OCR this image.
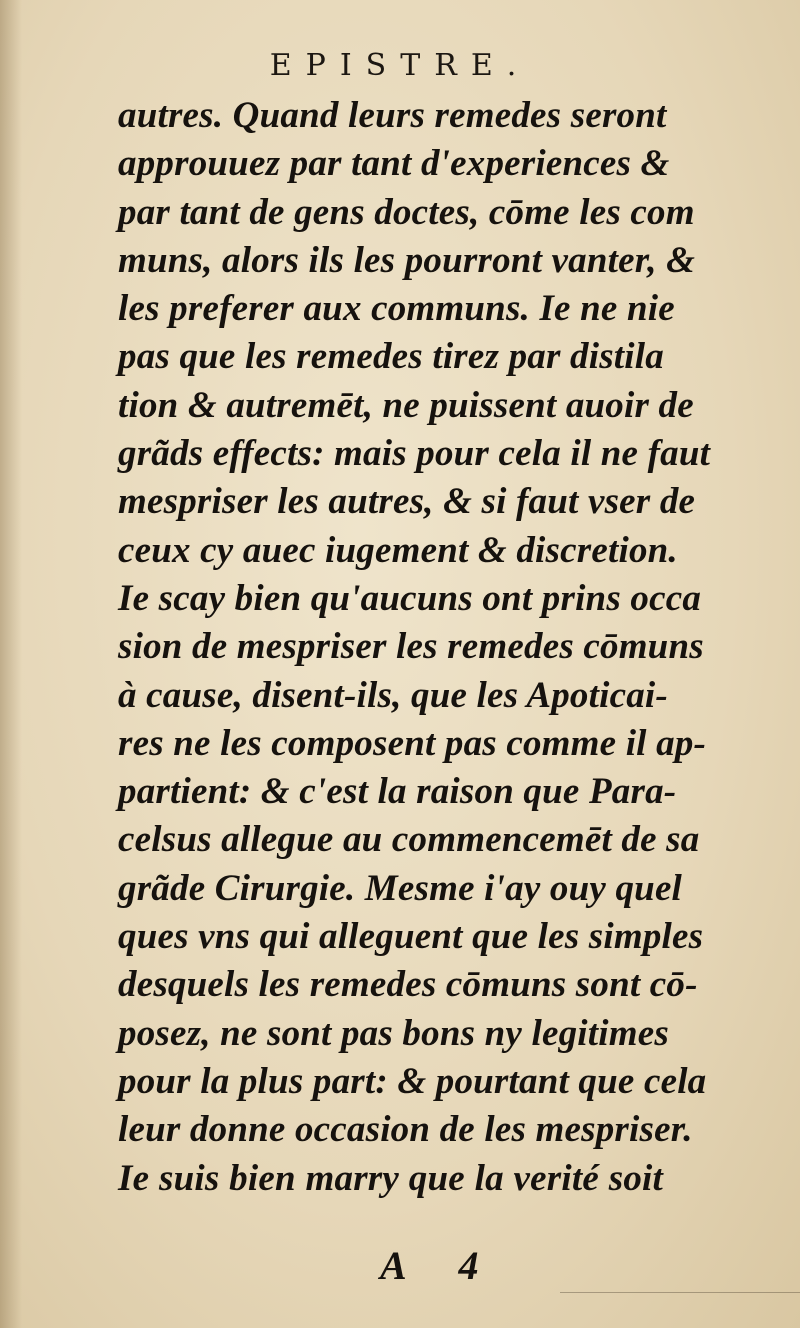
EPISTRE.
autres. Quand leurs remedes seront
approuuez par tant d'experiences &
par tant de gens doctes, cōme les com
muns, alors ils les pourront vanter, &
les preferer aux communs. Ie ne nie
pas que les remedes tirez par distila
tion & autremēt, ne puissent auoir de
grãds effects: mais pour cela il ne faut
mespriser les autres, & si faut vser de
ceux cy auec iugement & discretion.
Ie scay bien qu'aucuns ont prins occa
sion de mespriser les remedes cōmuns
à cause, disent-ils, que les Apoticai-
res ne les composent pas comme il ap-
partient: & c'est la raison que Para-
celsus allegue au commencemēt de sa
grãde Cirurgie. Mesme i'ay ouy quel
ques vns qui alleguent que les simples
desquels les remedes cōmuns sont cō-
posez, ne sont pas bons ny legitimes
pour la plus part: & pourtant que cela
leur donne occasion de les mespriser.
Ie suis bien marry que la verité soit
A 4
